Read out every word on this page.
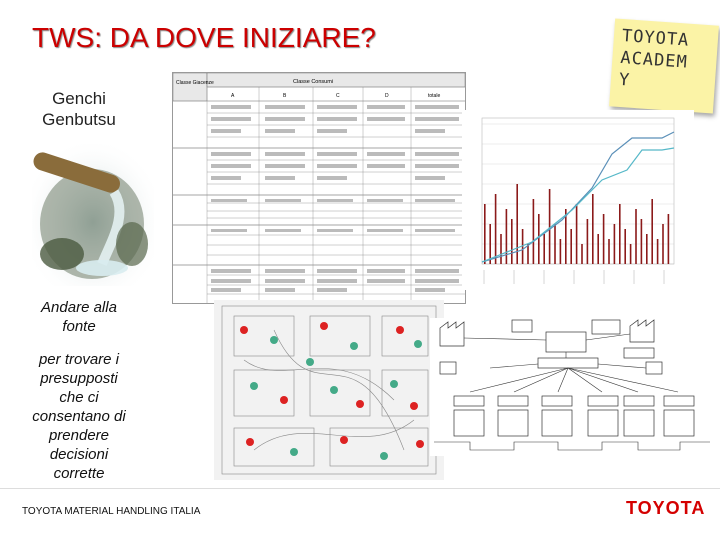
TWS: DA DOVE INIZIARE?	TOYOTA
ACADEM
Y
Genchi
Genbutsu
Andare alla
fonte
per trovare i
presupposti
che ci
consentano di
prendere
decisioni
corrette
Classe Giacenze	Classe Consumi
A	B	C	D	totale
TOYOTA MATERIAL HANDLING ITALIA	TOYOTA
